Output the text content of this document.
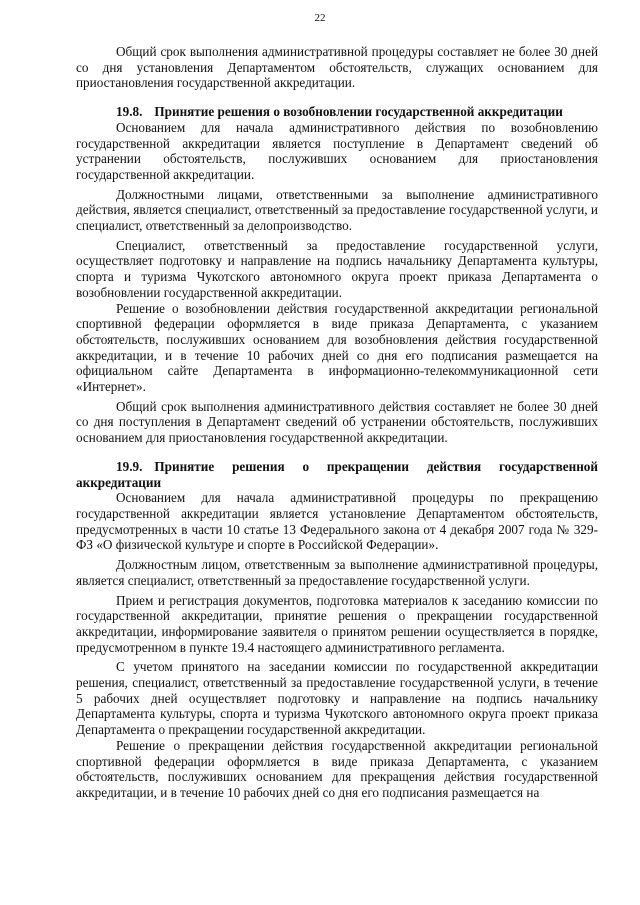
22

Общий срок выполнения административной процедуры составляет не более 30 дней со дня установления Департаментом обстоятельств, служащих основанием для приостановления государственной аккредитации.

19.8. Принятие решения о возобновлении государственной аккредитации

Основанием для начала административного действия по возобновлению государственной аккредитации является поступление в Департамент сведений об устранении обстоятельств, послуживших основанием для приостановления государственной аккредитации.

Должностными лицами, ответственными за выполнение административного действия, является специалист, ответственный за предоставление государственной услуги, и специалист, ответственный за делопроизводство.

Специалист, ответственный за предоставление государственной услуги, осуществляет подготовку и направление на подпись начальнику Департамента культуры, спорта и туризма Чукотского автономного округа проект приказа Департамента о возобновлении государственной аккредитации.

Решение о возобновлении действия государственной аккредитации региональной спортивной федерации оформляется в виде приказа Департамента, с указанием обстоятельств, послуживших основанием для возобновления действия государственной аккредитации, и в течение 10 рабочих дней со дня его подписания размещается на официальном сайте Департамента в информационно-телекоммуникационной сети «Интернет».

Общий срок выполнения административного действия составляет не более 30 дней со дня поступления в Департамент сведений об устранении обстоятельств, послуживших основанием для приостановления государственной аккредитации.

19.9. Принятие решения о прекращении действия государственной аккредитации

Основанием для начала административной процедуры по прекращению государственной аккредитации является установление Департаментом обстоятельств, предусмотренных в части 10 статье 13 Федерального закона от 4 декабря 2007 года № 329-ФЗ «О физической культуре и спорте в Российской Федерации».

Должностным лицом, ответственным за выполнение административной процедуры, является специалист, ответственный за предоставление государственной услуги.

Прием и регистрация документов, подготовка материалов к заседанию комиссии по государственной аккредитации, принятие решения о прекращении государственной аккредитации, информирование заявителя о принятом решении осуществляется в порядке, предусмотренном в пункте 19.4 настоящего административного регламента.

С учетом принятого на заседании комиссии по государственной аккредитации решения, специалист, ответственный за предоставление государственной услуги, в течение 5 рабочих дней осуществляет подготовку и направление на подпись начальнику Департамента культуры, спорта и туризма Чукотского автономного округа проект приказа Департамента о прекращении государственной аккредитации.

Решение о прекращении действия государственной аккредитации региональной спортивной федерации оформляется в виде приказа Департамента, с указанием обстоятельств, послуживших основанием для прекращения действия государственной аккредитации, и в течение 10 рабочих дней со дня его подписания размещается на
